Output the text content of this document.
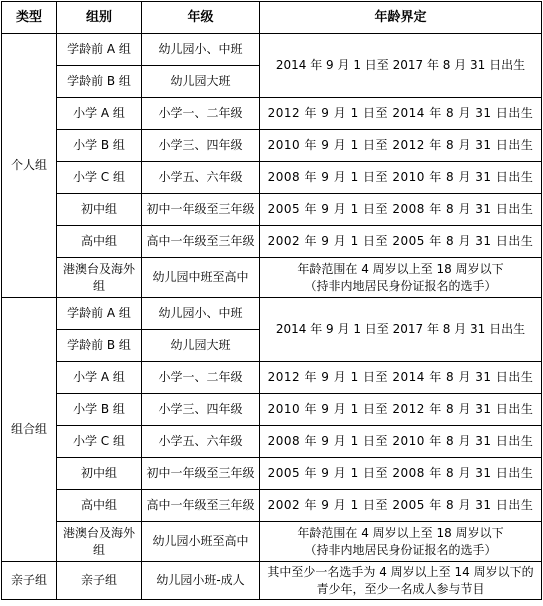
类型	组别	年级	年龄界定
个人组	学龄前 A 组	幼儿园小、中班	2014 年 9 月 1 日至 2017 年 8 月 31 日出生
	学龄前 B 组	幼儿园大班	
	小学 A 组	小学一、二年级	2012 年 9 月 1 日至 2014 年 8 月 31 日出生
	小学 B 组	小学三、四年级	2010 年 9 月 1 日至 2012 年 8 月 31 日出生
	小学 C 组	小学五、六年级	2008 年 9 月 1 日至 2010 年 8 月 31 日出生
	初中组	初中一年级至三年级	2005 年 9 月 1 日至 2008 年 8 月 31 日出生
	高中组	高中一年级至三年级	2002 年 9 月 1 日至 2005 年 8 月 31 日出生
	港澳台及海外组	幼儿园中班至高中	年龄范围在 4 周岁以上至 18 周岁以下
（持非内地居民身份证报名的选手）

组合组	学龄前 A 组	幼儿园小、中班	2014 年 9 月 1 日至 2017 年 8 月 31 日出生
	学龄前 B 组	幼儿园大班	
	小学 A 组	小学一、二年级	2012 年 9 月 1 日至 2014 年 8 月 31 日出生
	小学 B 组	小学三、四年级	2010 年 9 月 1 日至 2012 年 8 月 31 日出生
	小学 C 组	小学五、六年级	2008 年 9 月 1 日至 2010 年 8 月 31 日出生
	初中组	初中一年级至三年级	2005 年 9 月 1 日至 2008 年 8 月 31 日出生
	高中组	高中一年级至三年级	2002 年 9 月 1 日至 2005 年 8 月 31 日出生
	港澳台及海外组	幼儿园小班至高中	年龄范围在 4 周岁以上至 18 周岁以下
（持非内地居民身份证报名的选手）

亲子组	亲子组	幼儿园小班-成人	其中至少一名选手为 4 周岁以上至 14 周岁以下的青少年，至少一名成人参与节目
